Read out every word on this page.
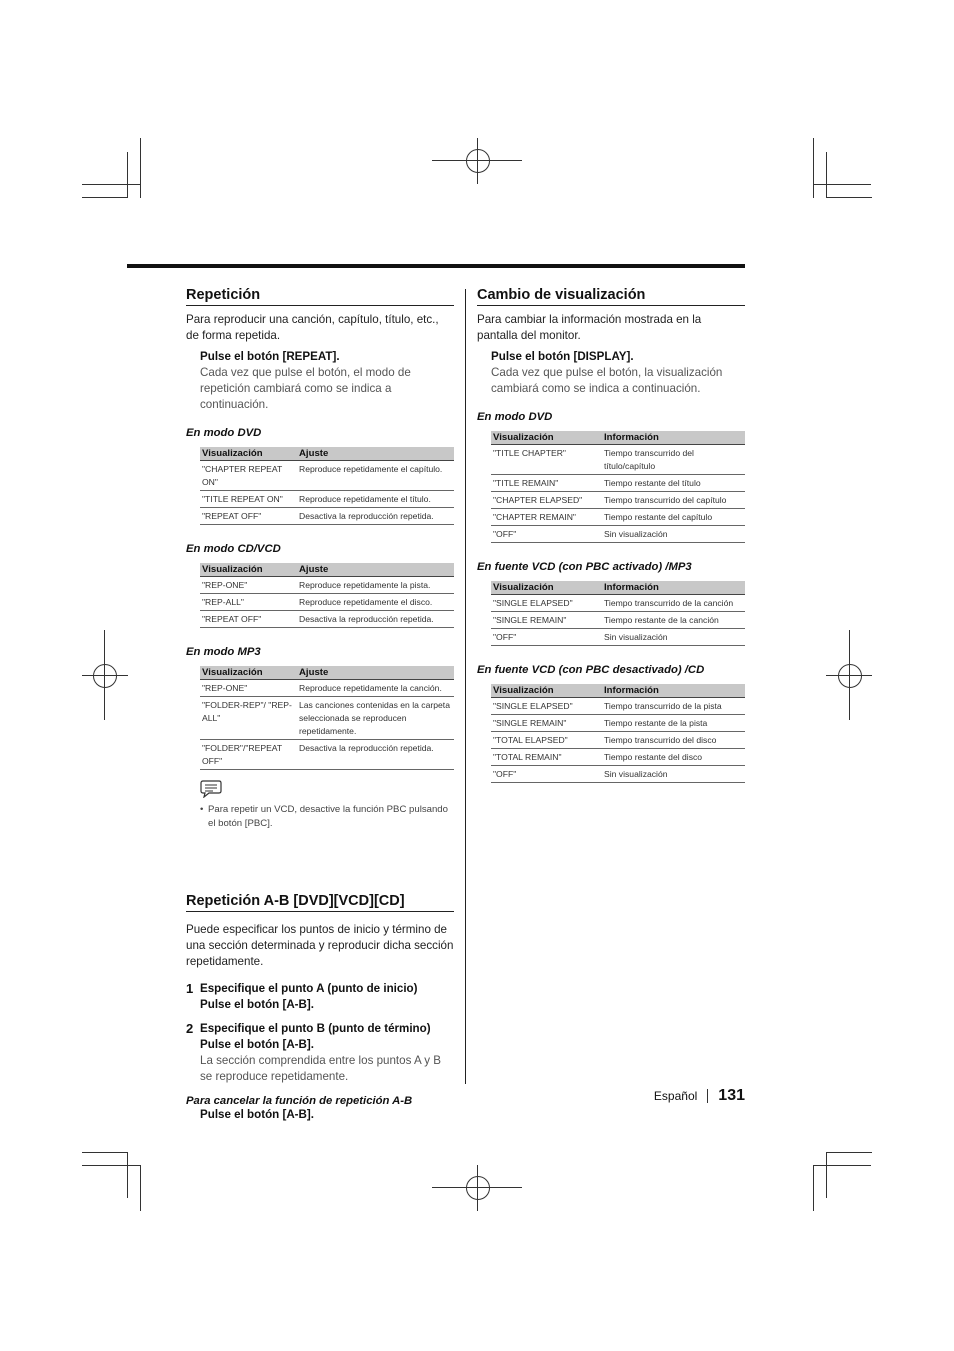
Repetición

Para reproducir una canción, capítulo, título, etc., de forma repetida.

Pulse el botón [REPEAT].

Cada vez que pulse el botón, el modo de repetición cambiará como se indica a continuación.

En modo DVD
Visualización	Ajuste
"CHAPTER REPEAT ON"	Reproduce repetidamente el capítulo.
"TITLE REPEAT ON"	Reproduce repetidamente el título.
"REPEAT OFF"	Desactiva la reproducción repetida.
En modo CD/VCD
Visualización	Ajuste
"REP-ONE"	Reproduce repetidamente la pista.
"REP-ALL"	Reproduce repetidamente el disco.
"REPEAT OFF"	Desactiva la reproducción repetida.
En modo MP3
Visualización	Ajuste
"REP-ONE"	Reproduce repetidamente la canción.
"FOLDER-REP"/ "REP-ALL"	Las canciones contenidas en la carpeta seleccionada se reproducen repetidamente.
"FOLDER"/"REPEAT OFF"	Desactiva la reproducción repetida.

• Para repetir un VCD, desactive la función PBC pulsando el botón [PBC].

Repetición A-B [DVD][VCD][CD]

Puede especificar los puntos de inicio y término de una sección determinada y reproducir dicha sección repetidamente.

1 Especifique el punto A (punto de inicio)

Pulse el botón [A-B].

2 Especifique el punto B (punto de término)

Pulse el botón [A-B].

La sección comprendida entre los puntos A y B se reproduce repetidamente.

Para cancelar la función de repetición A-B

Pulse el botón [A-B].

Cambio de visualización

Para cambiar la información mostrada en la pantalla del monitor.

Pulse el botón [DISPLAY].

Cada vez que pulse el botón, la visualización cambiará como se indica a continuación.

En modo DVD
Visualización	Información
"TITLE CHAPTER"	Tiempo transcurrido del título/capítulo
"TITLE REMAIN"	Tiempo restante del título
"CHAPTER ELAPSED"	Tiempo transcurrido del capítulo
"CHAPTER REMAIN"	Tiempo restante del capítulo
"OFF"	Sin visualización
En fuente VCD (con PBC activado) /MP3
Visualización	Información
"SINGLE ELAPSED"	Tiempo transcurrido de la canción
"SINGLE REMAIN"	Tiempo restante de la canción
"OFF"	Sin visualización
En fuente VCD (con PBC desactivado) /CD
Visualización	Información
"SINGLE ELAPSED"	Tiempo transcurrido de la pista
"SINGLE REMAIN"	Tiempo restante de la pista
"TOTAL ELAPSED"	Tiempo transcurrido del disco
"TOTAL REMAIN"	Tiempo restante del disco
"OFF"	Sin visualización
Español 131
